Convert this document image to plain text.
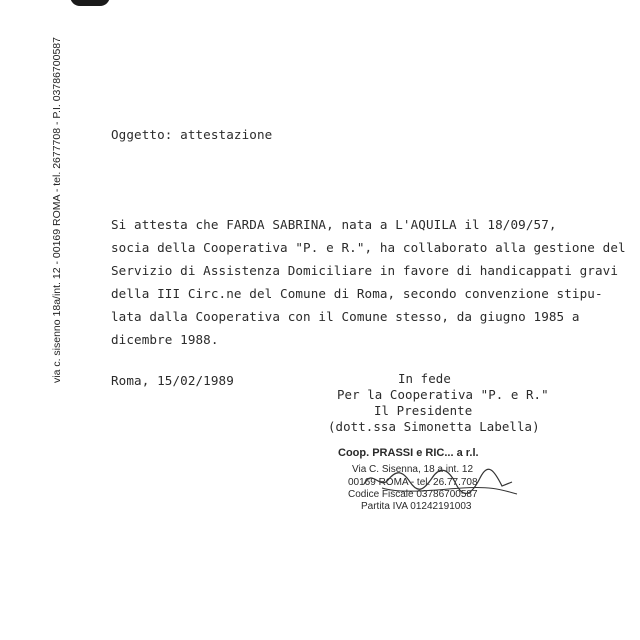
via c. sisenno 18a/int. 12 - 00169 ROMA - tel. 2677708 - P.I. 03786700587	Oggetto: attestazione
Si attesta che FARDA SABRINA, nata a L'AQUILA il 18/09/57,
socia della Cooperativa "P. e R.", ha collaborato alla gestione del
Servizio di Assistenza Domiciliare in favore di handicappati gravi
della III Circ.ne del Comune di Roma, secondo convenzione stipu-
lata dalla Cooperativa con il Comune stesso, da giugno 1985 a
dicembre 1988.
Roma, 15/02/1989	In fede
Per la Cooperativa "P. e R."
Il Presidente
(dott.ssa Simonetta Labella)
Coop. PRASSI e RIC... a r.l.
Via C. Sisenna, 18 a int. 12
00169 ROMA - tel. 26.77.708
Codice Fiscale 03786700587
Partita IVA 01242191003
